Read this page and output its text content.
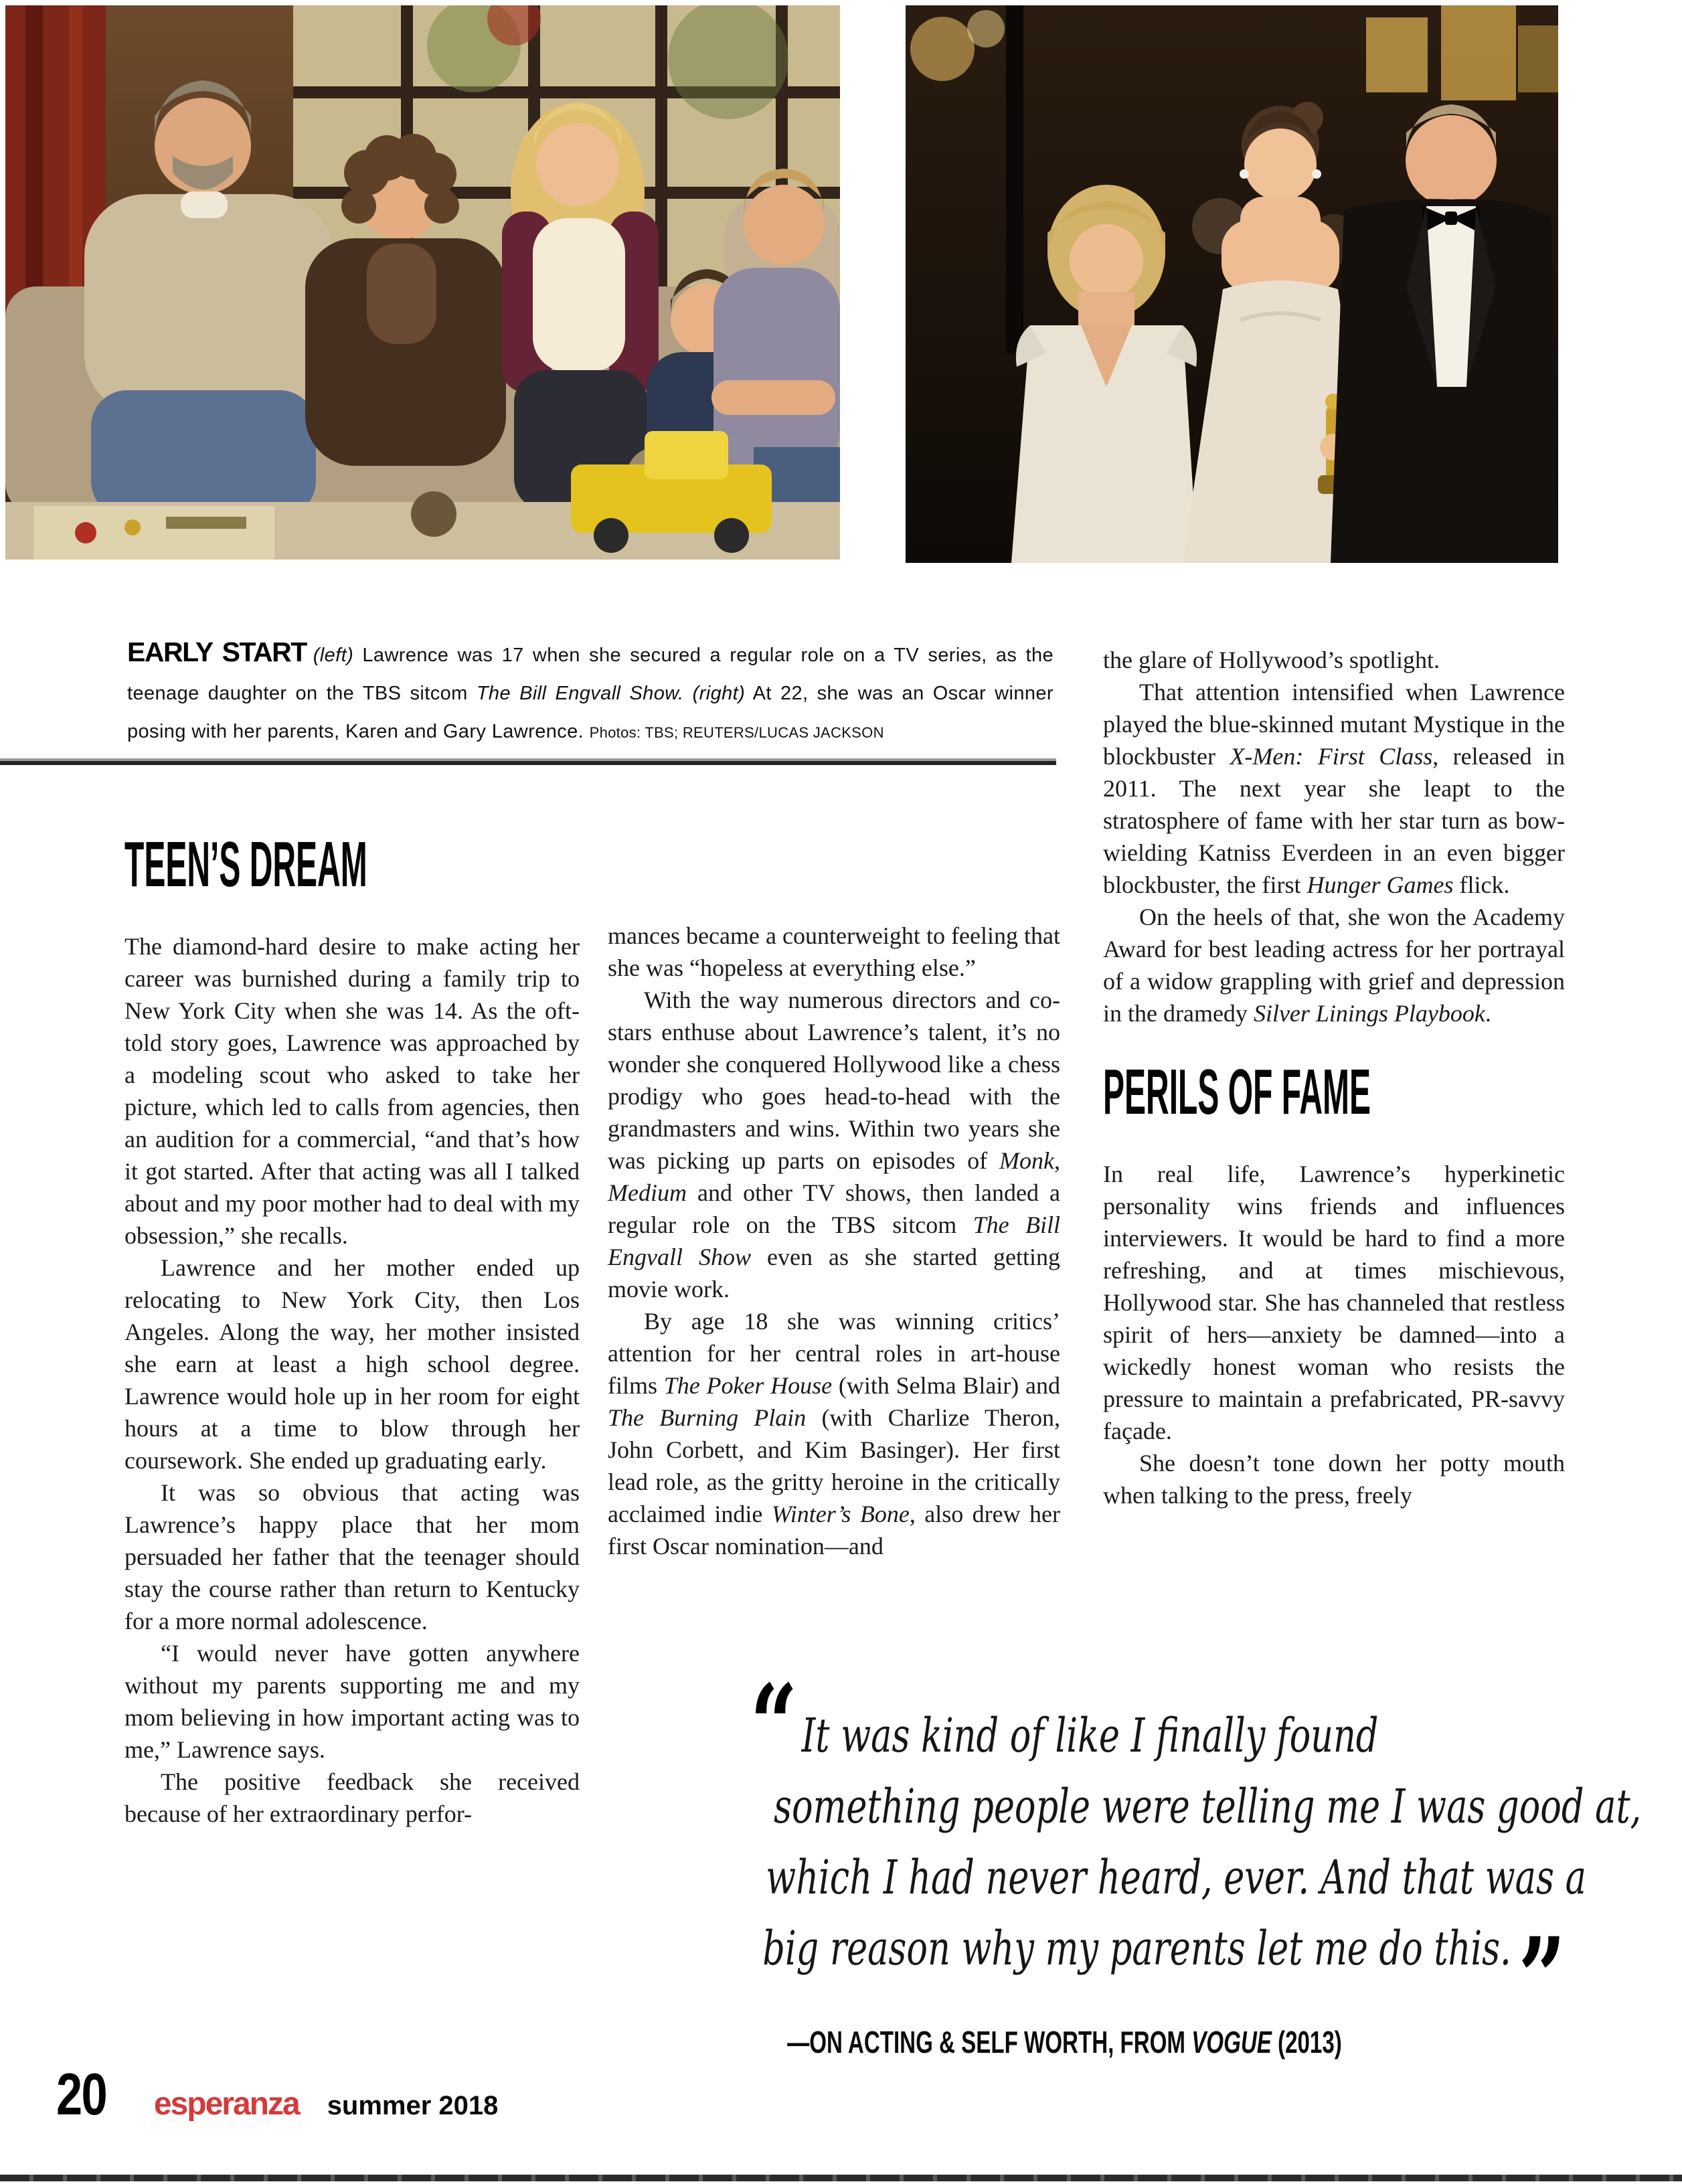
EARLY START (left) Lawrence was 17 when she secured a regular role on a TV series, as the teenage daughter on the TBS sitcom The Bill Engvall Show. (right) At 22, she was an Oscar winner posing with her parents, Karen and Gary Lawrence. Photos: TBS; REUTERS/LUCAS JACKSON
TEEN’S DREAM

The diamond-hard desire to make acting her career was burnished during a family trip to New York City when she was 14. As the oft-told story goes, Lawrence was approached by a modeling scout who asked to take her picture, which led to calls from agencies, then an audition for a commercial, “and that’s how it got started. After that acting was all I talked about and my poor mother had to deal with my obsession,” she recalls.

Lawrence and her mother ended up relocating to New York City, then Los Angeles. Along the way, her mother insisted she earn at least a high school degree. Lawrence would hole up in her room for eight hours at a time to blow through her coursework. She ended up graduating early.

It was so obvious that acting was Lawrence’s happy place that her mom persuaded her father that the teenager should stay the course rather than return to Kentucky for a more normal adolescence.

“I would never have gotten anywhere without my parents supporting me and my mom believing in how important acting was to me,” Lawrence says.

The positive feedback she received because of her extraordinary perfor-

mances became a counterweight to feeling that she was “hopeless at everything else.”

With the way numerous directors and co-stars enthuse about Lawrence’s talent, it’s no wonder she conquered Hollywood like a chess prodigy who goes head-to-head with the grandmasters and wins. Within two years she was picking up parts on episodes of Monk, Medium and other TV shows, then landed a regular role on the TBS sitcom The Bill Engvall Show even as she started getting movie work.

By age 18 she was winning critics’ attention for her central roles in art-house films The Poker House (with Selma Blair) and The Burning Plain (with Charlize Theron, John Corbett, and Kim Basinger). Her first lead role, as the gritty heroine in the critically acclaimed indie Winter’s Bone, also drew her first Oscar nomination—and

the glare of Hollywood’s spotlight.

That attention intensified when Lawrence played the blue-skinned mutant Mystique in the blockbuster X-Men: First Class, released in 2011. The next year she leapt to the stratosphere of fame with her star turn as bow-wielding Katniss Everdeen in an even bigger blockbuster, the first Hunger Games flick.

On the heels of that, she won the Academy Award for best leading actress for her portrayal of a widow grappling with grief and depression in the dramedy Silver Linings Playbook.

PERILS OF FAME

In real life, Lawrence’s hyperkinetic personality wins friends and influences interviewers. It would be hard to find a more refreshing, and at times mischievous, Hollywood star. She has channeled that restless spirit of hers—anxiety be damned—into a wickedly honest woman who resists the pressure to maintain a prefabricated, PR-savvy façade.

She doesn’t tone down her potty mouth when talking to the press, freely

“ It was kind of like I finally found
something people were telling me I was good at,
which I had never heard, ever. And that was a
big reason why my parents let me do this.”
—ON ACTING & SELF WORTH, FROM VOGUE (2013)
20 esperanza summer 2018
